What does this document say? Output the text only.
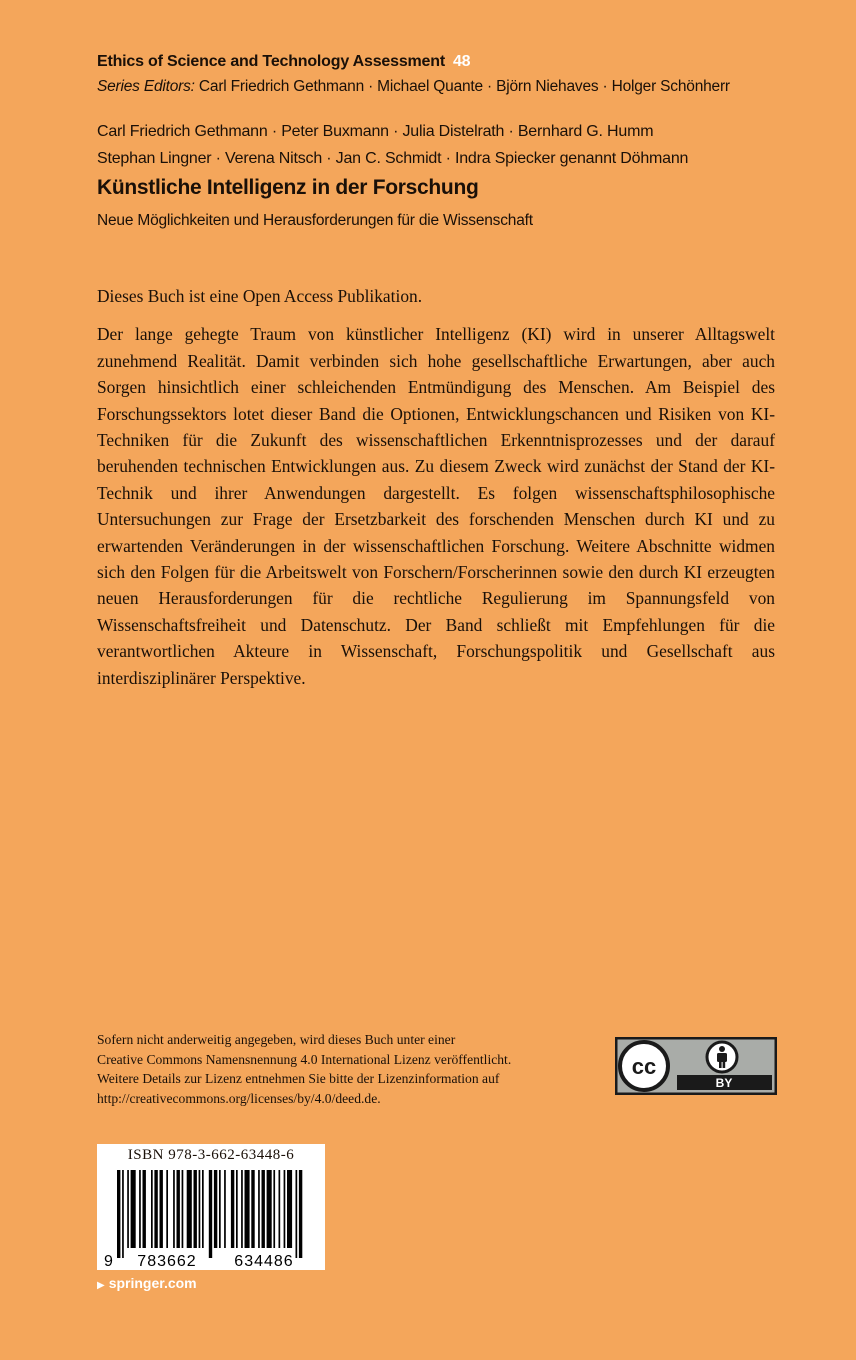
Ethics of Science and Technology Assessment 48
Series Editors: Carl Friedrich Gethmann · Michael Quante · Björn Niehaves · Holger Schönherr
Carl Friedrich Gethmann · Peter Buxmann · Julia Distelrath · Bernhard G. Humm
Stephan Lingner · Verena Nitsch · Jan C. Schmidt · Indra Spiecker genannt Döhmann
Künstliche Intelligenz in der Forschung
Neue Möglichkeiten und Herausforderungen für die Wissenschaft

Dieses Buch ist eine Open Access Publikation.

Der lange gehegte Traum von künstlicher Intelligenz (KI) wird in unserer Alltagswelt zunehmend Realität. Damit verbinden sich hohe gesellschaftliche Erwartungen, aber auch Sorgen hinsichtlich einer schleichenden Entmündigung des Menschen. Am Beispiel des Forschungssektors lotet dieser Band die Optionen, Entwicklungschancen und Risiken von KI-Techniken für die Zukunft des wissenschaftlichen Erkenntnisprozesses und der darauf beruhenden technischen Entwicklungen aus. Zu diesem Zweck wird zunächst der Stand der KI-Technik und ihrer Anwendungen dargestellt. Es folgen wissenschaftsphilosophische Untersuchungen zur Frage der Ersetzbarkeit des forschenden Menschen durch KI und zu erwartenden Veränderungen in der wissenschaftlichen Forschung. Weitere Abschnitte widmen sich den Folgen für die Arbeitswelt von Forschern/Forscherinnen sowie den durch KI erzeugten neuen Herausforderungen für die rechtliche Regulierung im Spannungsfeld von Wissenschaftsfreiheit und Datenschutz. Der Band schließt mit Empfehlungen für die verantwortlichen Akteure in Wissenschaft, Forschungspolitik und Gesellschaft aus interdisziplinärer Perspektive.

Sofern nicht anderweitig angegeben, wird dieses Buch unter einer
Creative Commons Namensnennung 4.0 International Lizenz veröffentlicht.
Weitere Details zur Lizenz entnehmen Sie bitte der Lizenzinformation auf
http://creativecommons.org/licenses/by/4.0/deed.de.
cc
BY
ISBN 978-3-662-63448-6
9 783662 634486
▶ springer.com
